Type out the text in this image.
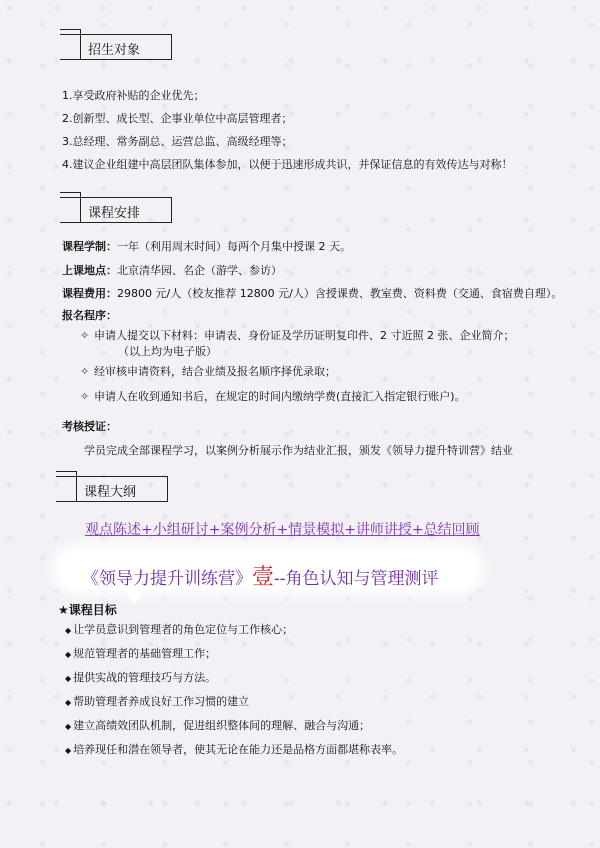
招生对象
1.享受政府补贴的企业优先；
2.创新型、成长型、企事业单位中高层管理者；
3.总经理、常务副总、运营总监、高级经理等；
4.建议企业组建中高层团队集体参加，以便于迅速形成共识，并保证信息的有效传达与对称！
课程安排
课程学制：一年（利用周末时间）每两个月集中授课 2 天。
上课地点：北京清华园、名企（游学、参访）
课程费用：29800 元/人（校友推荐 12800 元/人）含授课费、教室费、资料费（交通、食宿费自理）。
报名程序：
✧ 申请人提交以下材料：申请表、身份证及学历证明复印件、2 寸近照 2 张、企业简介；
（以上均为电子版）
✧ 经审核申请资料，结合业绩及报名顺序择优录取；
✧ 申请人在收到通知书后，在规定的时间内缴纳学费(直接汇入指定银行账户)。
考核授证：
学员完成全部课程学习，以案例分析展示作为结业汇报，颁发《领导力提升特训营》结业
课程大纲
观点陈述+小组研讨+案例分析+情景模拟+讲师讲授+总结回顾
《领导力提升训练营》壹--角色认知与管理测评
★课程目标
◆ 让学员意识到管理者的角色定位与工作核心；
◆ 规范管理者的基础管理工作；
◆ 提供实战的管理技巧与方法。
◆ 帮助管理者养成良好工作习惯的建立
◆ 建立高绩效团队机制，促进组织整体间的理解、融合与沟通；
◆ 培养现任和潜在领导者，使其无论在能力还是品格方面都堪称表率。
